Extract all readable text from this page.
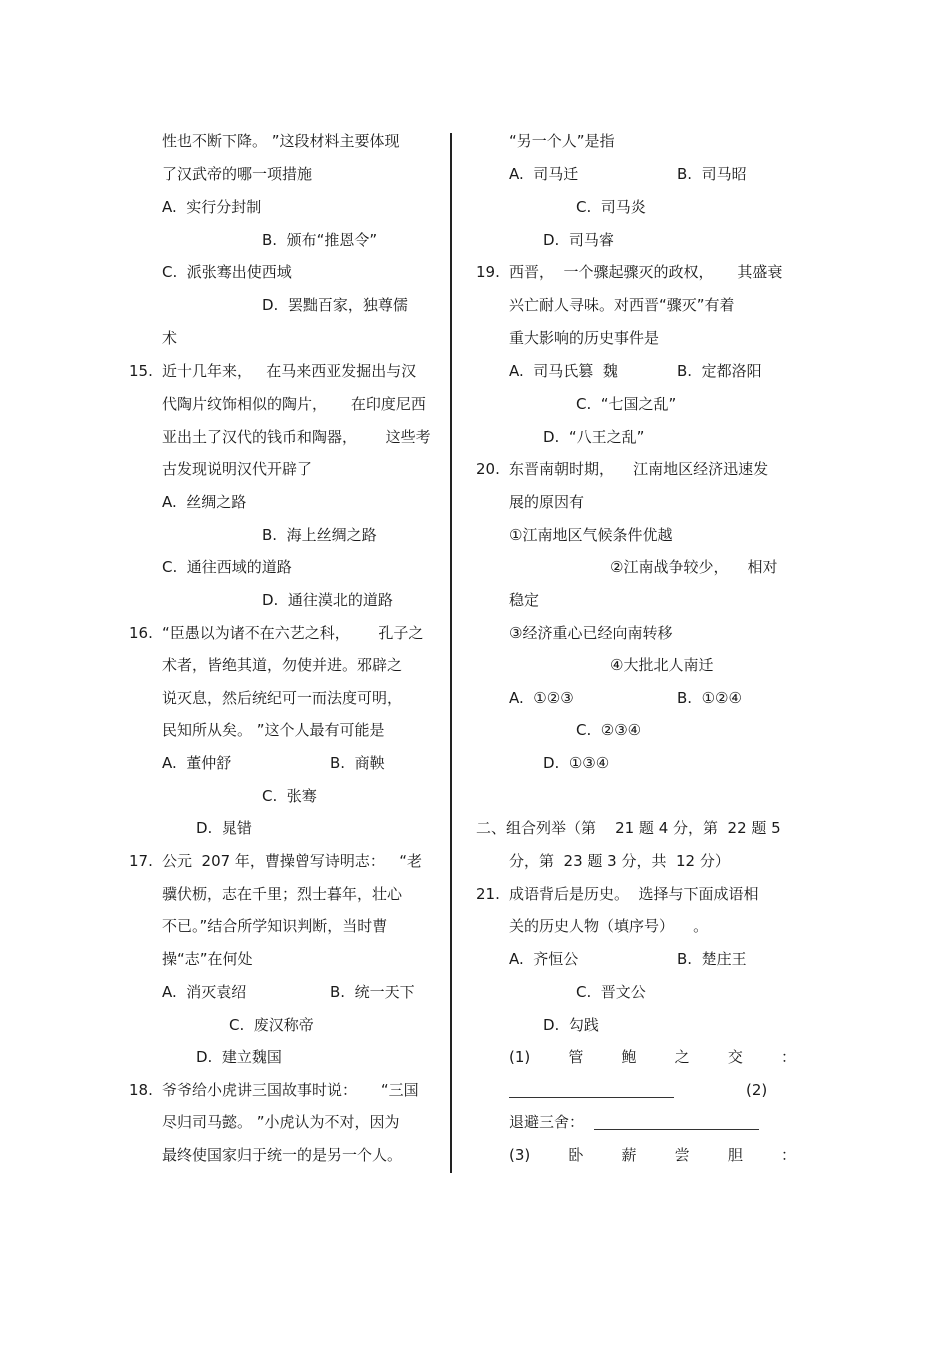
性也不断下降。 ”这段材料主要体现
了汉武帝的哪一项措施
A.  实行分封制
B.  颁布“推恩令”
C.  派张骞出使西域
D.  罢黜百家，独尊儒
术
15. 近十几年来，   在马来西亚发掘出与汉
代陶片纹饰相似的陶片，     在印度尼西
亚出土了汉代的钱币和陶器，      这些考
古发现说明汉代开辟了
A.  丝绸之路
B.  海上丝绸之路
C.  通往西域的道路
D.  通往漠北的道路
16. “臣愚以为诸不在六艺之科，      孔子之
术者，皆绝其道，勿使并进。邪辟之
说灭息，然后统纪可一而法度可明，
民知所从矣。 ”这个人最有可能是
A.  董仲舒	B.  商鞅
C.  张骞
D.  晁错
17. 公元  207 年，曹操曾写诗明志：   “老
骥伏枥，志在千里；烈士暮年，壮心
不已。”结合所学知识判断，当时曹
操“志”在何处
A.  消灭袁绍	B.  统一天下
C.  废汉称帝
D.  建立魏国
18. 爷爷给小虎讲三国故事时说：     “三国
尽归司马懿。 ”小虎认为不对，因为
最终使国家归于统一的是另一个人。
“另一个人”是指
A.  司马迁	B.  司马昭
C.  司马炎
D.  司马睿
19. 西晋，  一个骤起骤灭的政权，     其盛衰
兴亡耐人寻味。对西晋“骤灭”有着
重大影响的历史事件是
A.  司马氏篡  魏	B.  定都洛阳
C.  “七国之乱”
D.  “八王之乱”
20. 东晋南朝时期，    江南地区经济迅速发
展的原因有
①江南地区气候条件优越
②江南战争较少，    相对
稳定
③经济重心已经向南转移
④大批北人南迁
A.  ①②③	B.  ①②④
C.  ②③④
D.  ①③④
二、组合列举（第    21 题 4 分，第  22 题 5
分，第  23 题 3 分，共  12 分）
21. 成语背后是历史。  选择与下面成语相
关的历史人物（填序号）    。
A.  齐恒公	B.  楚庄王
C.  晋文公
D.  勾践
(1)        管        鲍        之        交        ：
(2)
退避三舍：
(3)        卧        薪        尝        胆        ：
